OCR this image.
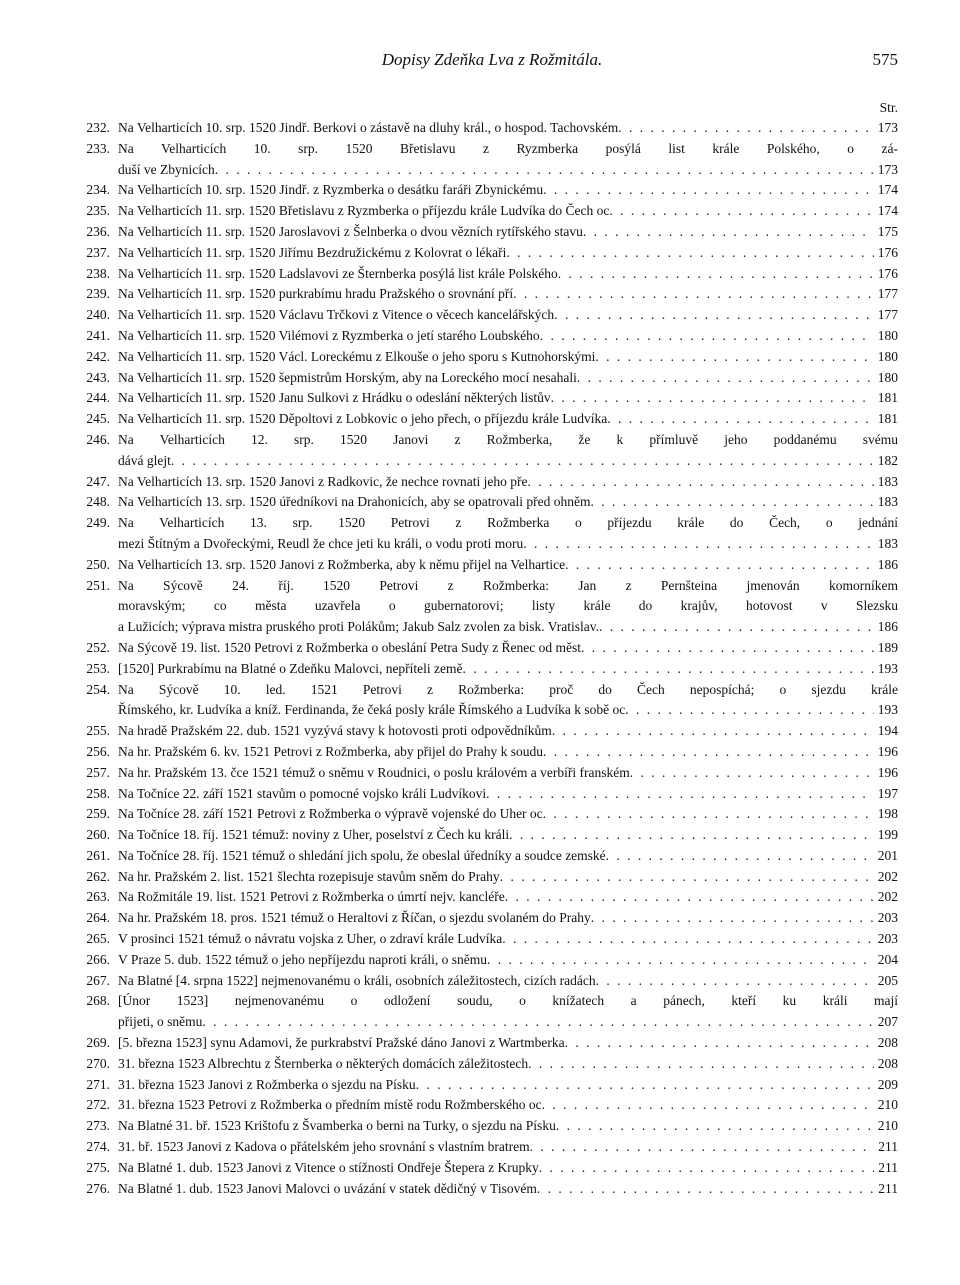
Dopisy Zdeňka Lva z Rožmitála.	575
Str.
232. Na Velharticích 10. srp. 1520 Jindř. Berkovi o zástavě na dluhy král., o hospod. Tachovském . . .	173
233. Na Velharticích 10. srp. 1520 Břetislavu z Ryzmberka posýlá list krále Polského, o zá-
duší ve Zbynicích . . .	173
234. Na Velharticích 10. srp. 1520 Jindř. z Ryzmberka o desátku faráři Zbynickému . . .	174
235. Na Velharticích 11. srp. 1520 Břetislavu z Ryzmberka o příjezdu krále Ludvíka do Čech oc . . .	174
236. Na Velharticích 11. srp. 1520 Jaroslavovi z Šelnberka o dvou vězních rytířského stavu . . .	175
237. Na Velharticích 11. srp. 1520 Jiřímu Bezdružickému z Kolovrat o lékaři . . .	176
238. Na Velharticích 11. srp. 1520 Ladslavovi ze Šternberka posýlá list krále Polského . . .	176
239. Na Velharticích 11. srp. 1520 purkrabímu hradu Pražského o srovnání pří . . .	177
240. Na Velharticích 11. srp. 1520 Václavu Trčkovi z Vitence o věcech kancelářských . . .	177
241. Na Velharticích 11. srp. 1520 Vilémovi z Ryzmberka o jetí starého Loubského . . .	180
242. Na Velharticích 11. srp. 1520 Václ. Loreckému z Elkouše o jeho sporu s Kutnohorskými . . .	180
243. Na Velharticích 11. srp. 1520 šepmistrům Horským, aby na Loreckého mocí nesahali . . .	180
244. Na Velharticích 11. srp. 1520 Janu Sulkovi z Hrádku o odeslání některých listův . . .	181
245. Na Velharticích 11. srp. 1520 Děpoltovi z Lobkovic o jeho přech, o příjezdu krále Ludvíka . . .	181
246. Na Velharticích 12. srp. 1520 Janovi z Rožmberka, že k přímluvě jeho poddanému svému
dává glejt . . .	182
247. Na Velharticích 13. srp. 1520 Janovi z Radkovic, že nechce rovnati jeho pře . . .	183
248. Na Velharticích 13. srp. 1520 úředníkovi na Drahonicích, aby se opatrovali před ohněm . . .	183
249. Na Velharticích 13. srp. 1520 Petrovi z Rožmberka o příjezdu krále do Čech, o jednání
mezi Štítným a Dvořeckými, Reudl že chce jeti ku králi, o vodu proti moru . . .	183
250. Na Velharticích 13. srp. 1520 Janovi z Rožmberka, aby k němu přijel na Velhartice . . .	186
251. Na Sýcově 24. říj. 1520 Petrovi z Rožmberka: Jan z Pernšteina jmenován komorníkem
moravským; co města uzavřela o gubernatorovi; listy krále do krajův, hotovost v Slezsku
a Lužicích; výprava mistra pruského proti Polákům; Jakub Salz zvolen za bisk. Vratislav. . . .	186
252. Na Sýcově 19. list. 1520 Petrovi z Rožmberka o obeslání Petra Sudy z Řenec od měst . . .	189
253. [1520] Purkrabímu na Blatné o Zdeňku Malovci, nepříteli země . . .	193
254. Na Sýcově 10. led. 1521 Petrovi z Rožmberka: proč do Čech nepospíchá; o sjezdu krále
Římského, kr. Ludvíka a kníž. Ferdinanda, že čeká posly krále Římského a Ludvíka k sobě oc . . .	193
255. Na hradě Pražském 22. dub. 1521 vyzývá stavy k hotovosti proti odpovědníkům . . .	194
256. Na hr. Pražském 6. kv. 1521 Petrovi z Rožmberka, aby přijel do Prahy k soudu . . .	196
257. Na hr. Pražském 13. čce 1521 témuž o sněmu v Roudnici, o poslu královém a verbíři franském . . .	196
258. Na Točníce 22. září 1521 stavům o pomocné vojsko králi Ludvíkovi . . .	197
259. Na Točníce 28. září 1521 Petrovi z Rožmberka o výpravě vojenské do Uher oc . . .	198
260. Na Točníce 18. říj. 1521 témuž: noviny z Uher, poselství z Čech ku králi . . .	199
261. Na Točníce 28. říj. 1521 témuž o shledání jich spolu, že obeslal úředníky a soudce zemské . . .	201
262. Na hr. Pražském 2. list. 1521 šlechta rozepisuje stavům sněm do Prahy . . .	202
263. Na Rožmitále 19. list. 1521 Petrovi z Rožmberka o úmrtí nejv. kancléře . . .	202
264. Na hr. Pražském 18. pros. 1521 témuž o Heraltovi z Říčan, o sjezdu svolaném do Prahy . . .	203
265. V prosinci 1521 témuž o návratu vojska z Uher, o zdraví krále Ludvíka . . .	203
266. V Praze 5. dub. 1522 témuž o jeho nepříjezdu naproti králi, o sněmu . . .	204
267. Na Blatné [4. srpna 1522] nejmenovanému o králi, osobních záležitostech, cizích radách . . .	205
268. [Únor 1523] nejmenovanému o odložení soudu, o knížatech a pánech, kteří ku králi mají
přijeti, o sněmu . . .	207
269. [5. března 1523] synu Adamovi, že purkrabství Pražské dáno Janovi z Wartmberka . . .	208
270. 31. března 1523 Albrechtu z Šternberka o některých domácích záležitostech . . .	208
271. 31. března 1523 Janovi z Rožmberka o sjezdu na Písku . . .	209
272. 31. března 1523 Petrovi z Rožmberka o předním místě rodu Rožmberského oc . . .	210
273. Na Blatné 31. bř. 1523 Krištofu z Švamberka o berni na Turky, o sjezdu na Písku . . .	210
274. 31. bř. 1523 Janovi z Kadova o přátelském jeho srovnání s vlastním bratrem . . .	211
275. Na Blatné 1. dub. 1523 Janovi z Vitence o stížnosti Ondřeje Štepera z Krupky . . .	211
276. Na Blatné 1. dub. 1523 Janovi Malovci o uvázání v statek dědičný v Tisovém . . .	211
